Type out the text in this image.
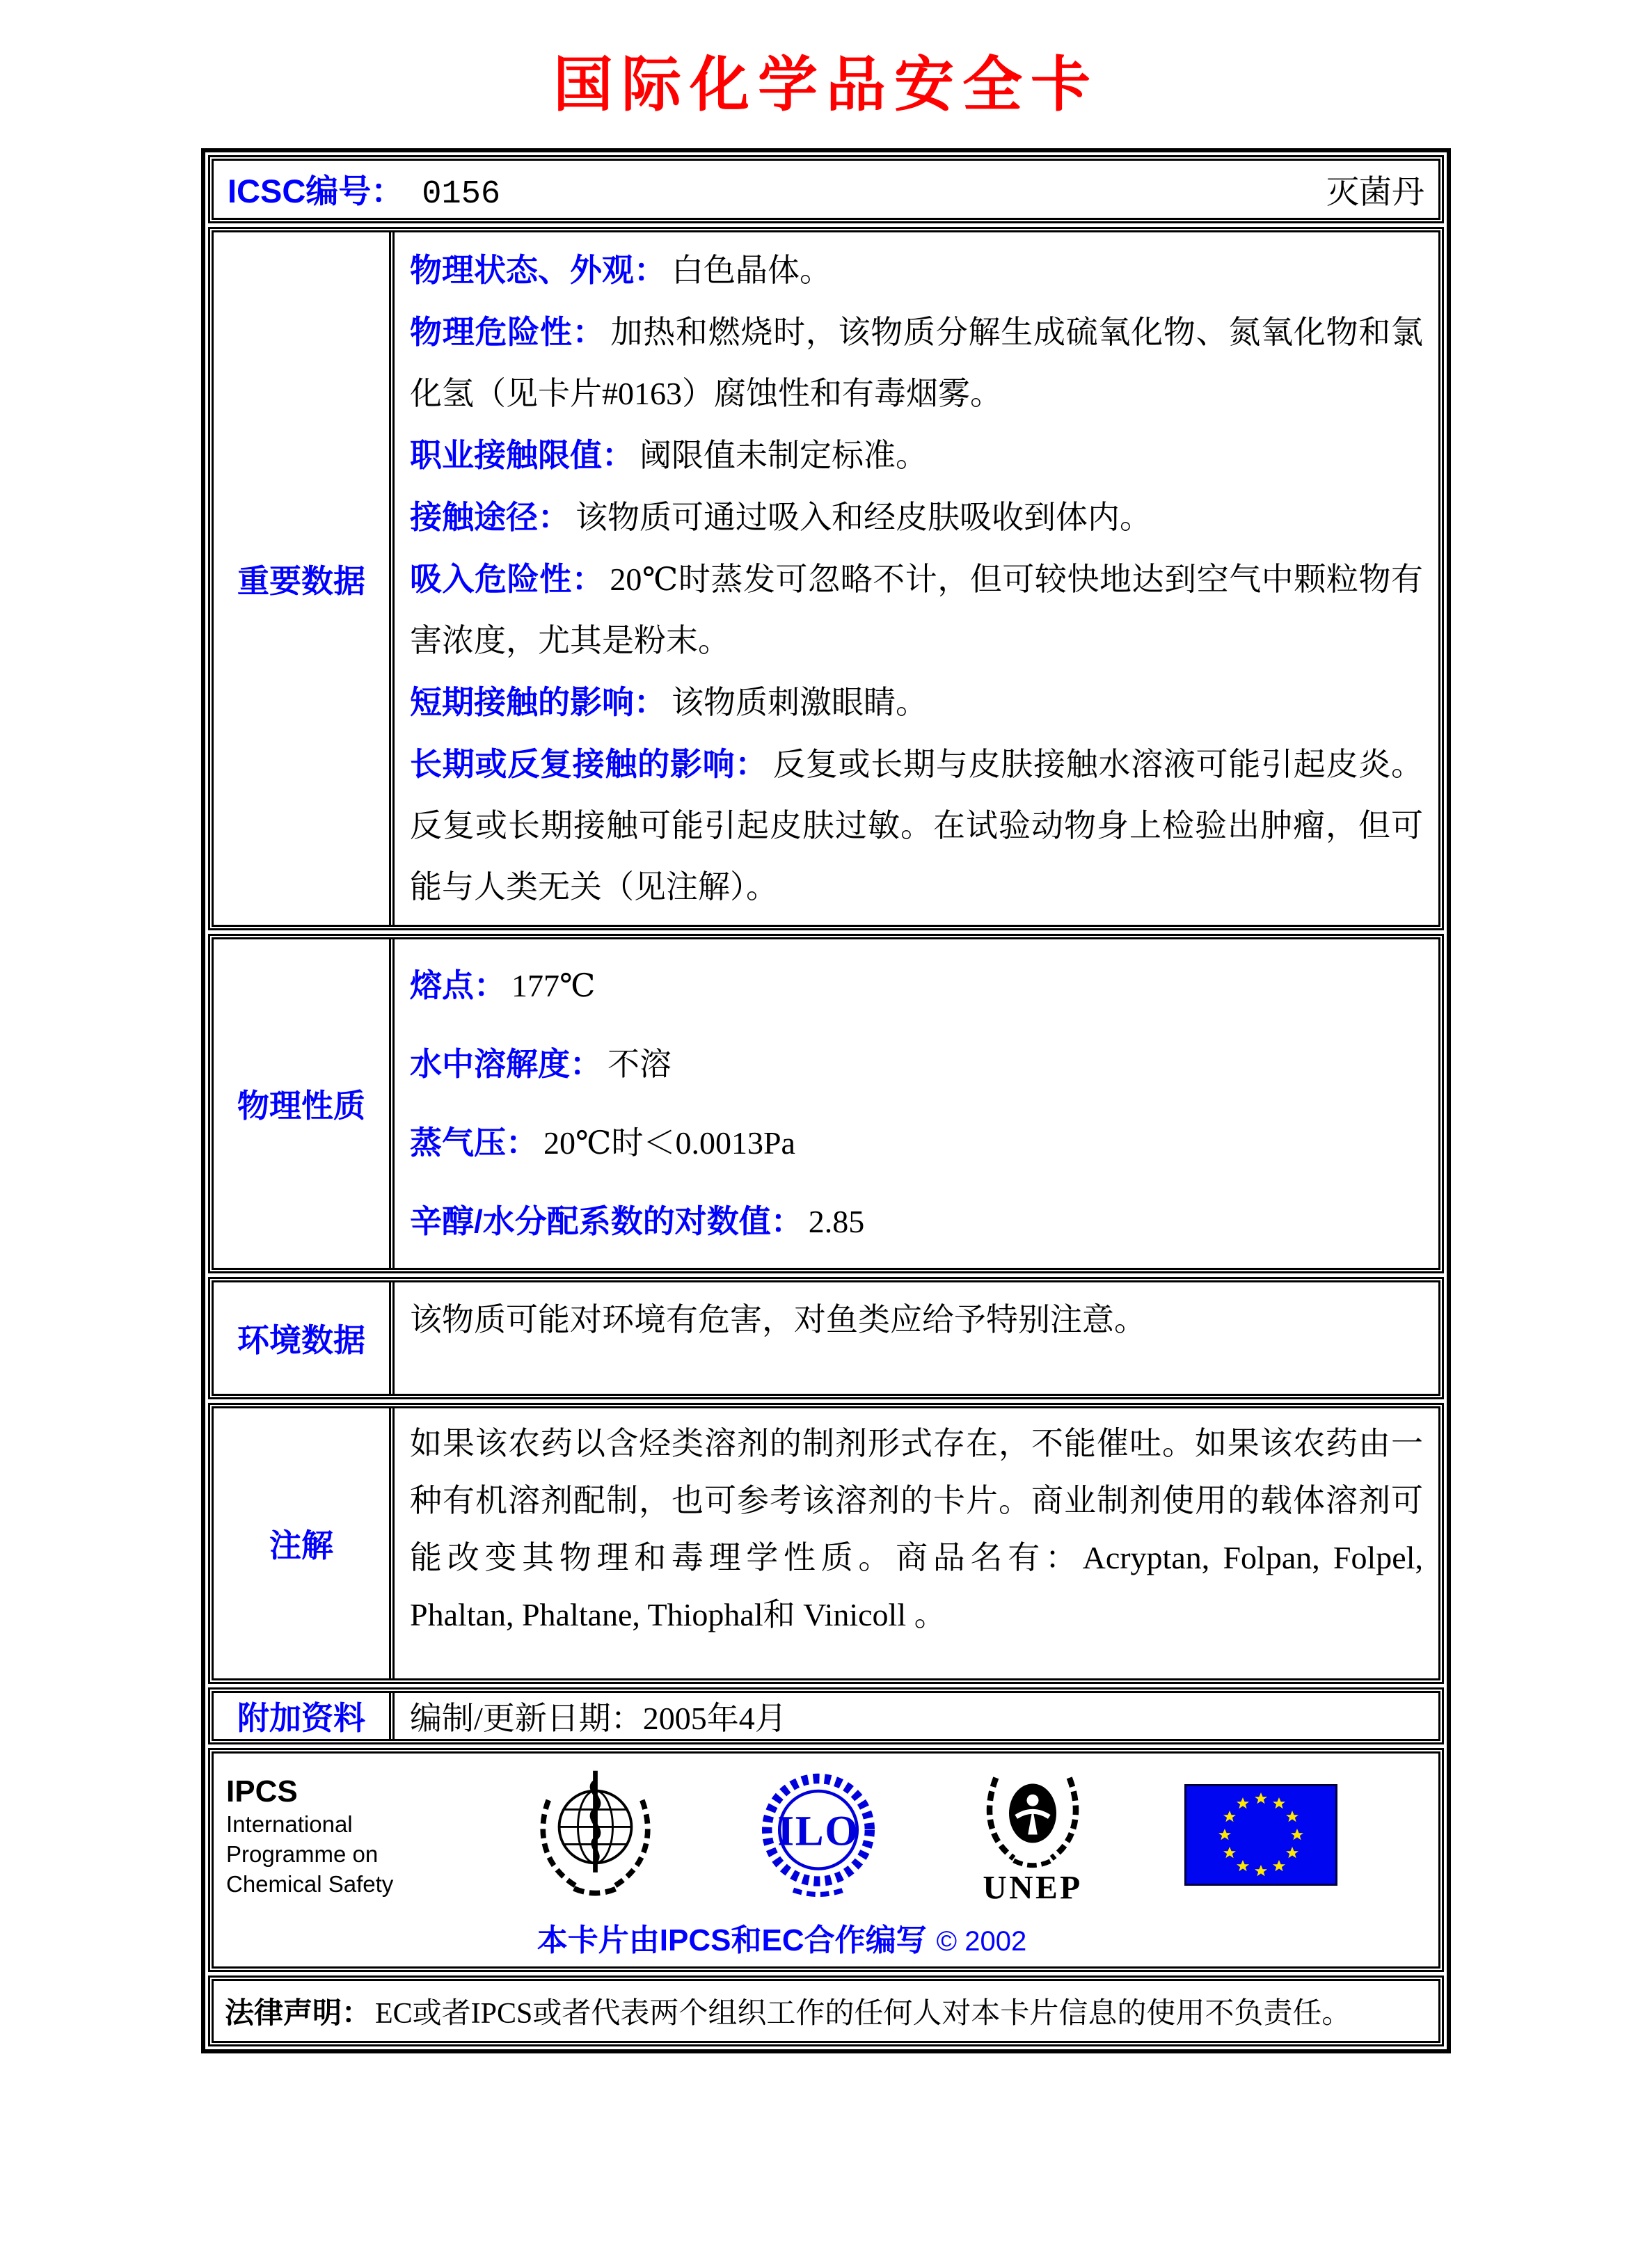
国际化学品安全卡
ICSC编号： 0156	灭菌丹
重要数据

物理状态、外观： 白色晶体。

物理危险性： 加热和燃烧时，该物质分解生成硫氧化物、氮氧化物和氯化氢（见卡片#0163）腐蚀性和有毒烟雾。

职业接触限值： 阈限值未制定标准。

接触途径： 该物质可通过吸入和经皮肤吸收到体内。

吸入危险性： 20℃时蒸发可忽略不计，但可较快地达到空气中颗粒物有害浓度，尤其是粉末。

短期接触的影响： 该物质刺激眼睛。

长期或反复接触的影响： 反复或长期与皮肤接触水溶液可能引起皮炎。反复或长期接触可能引起皮肤过敏。在试验动物身上检验出肿瘤，但可能与人类无关（见注解）。

物理性质

熔点： 177℃

水中溶解度： 不溶

蒸气压： 20℃时＜0.0013Pa

辛醇/水分配系数的对数值： 2.85

环境数据

该物质可能对环境有危害，对鱼类应给予特别注意。

注解

如果该农药以含烃类溶剂的制剂形式存在，不能催吐。如果该农药由一种有机溶剂配制，也可参考该溶剂的卡片。商业制剂使用的载体溶剂可能改变其物理和毒理学性质。商品名有：Acryptan, Folpan, Folpel, Phaltan, Phaltane, Thiophal和 Vinicoll 。

附加资料	编制/更新日期：2005年4月

IPCS
International
Programme on
Chemical Safety
ILO
UNEP
本卡片由IPCS和EC合作编写 © 2002
法律声明： EC或者IPCS或者代表两个组织工作的任何人对本卡片信息的使用不负责任。
